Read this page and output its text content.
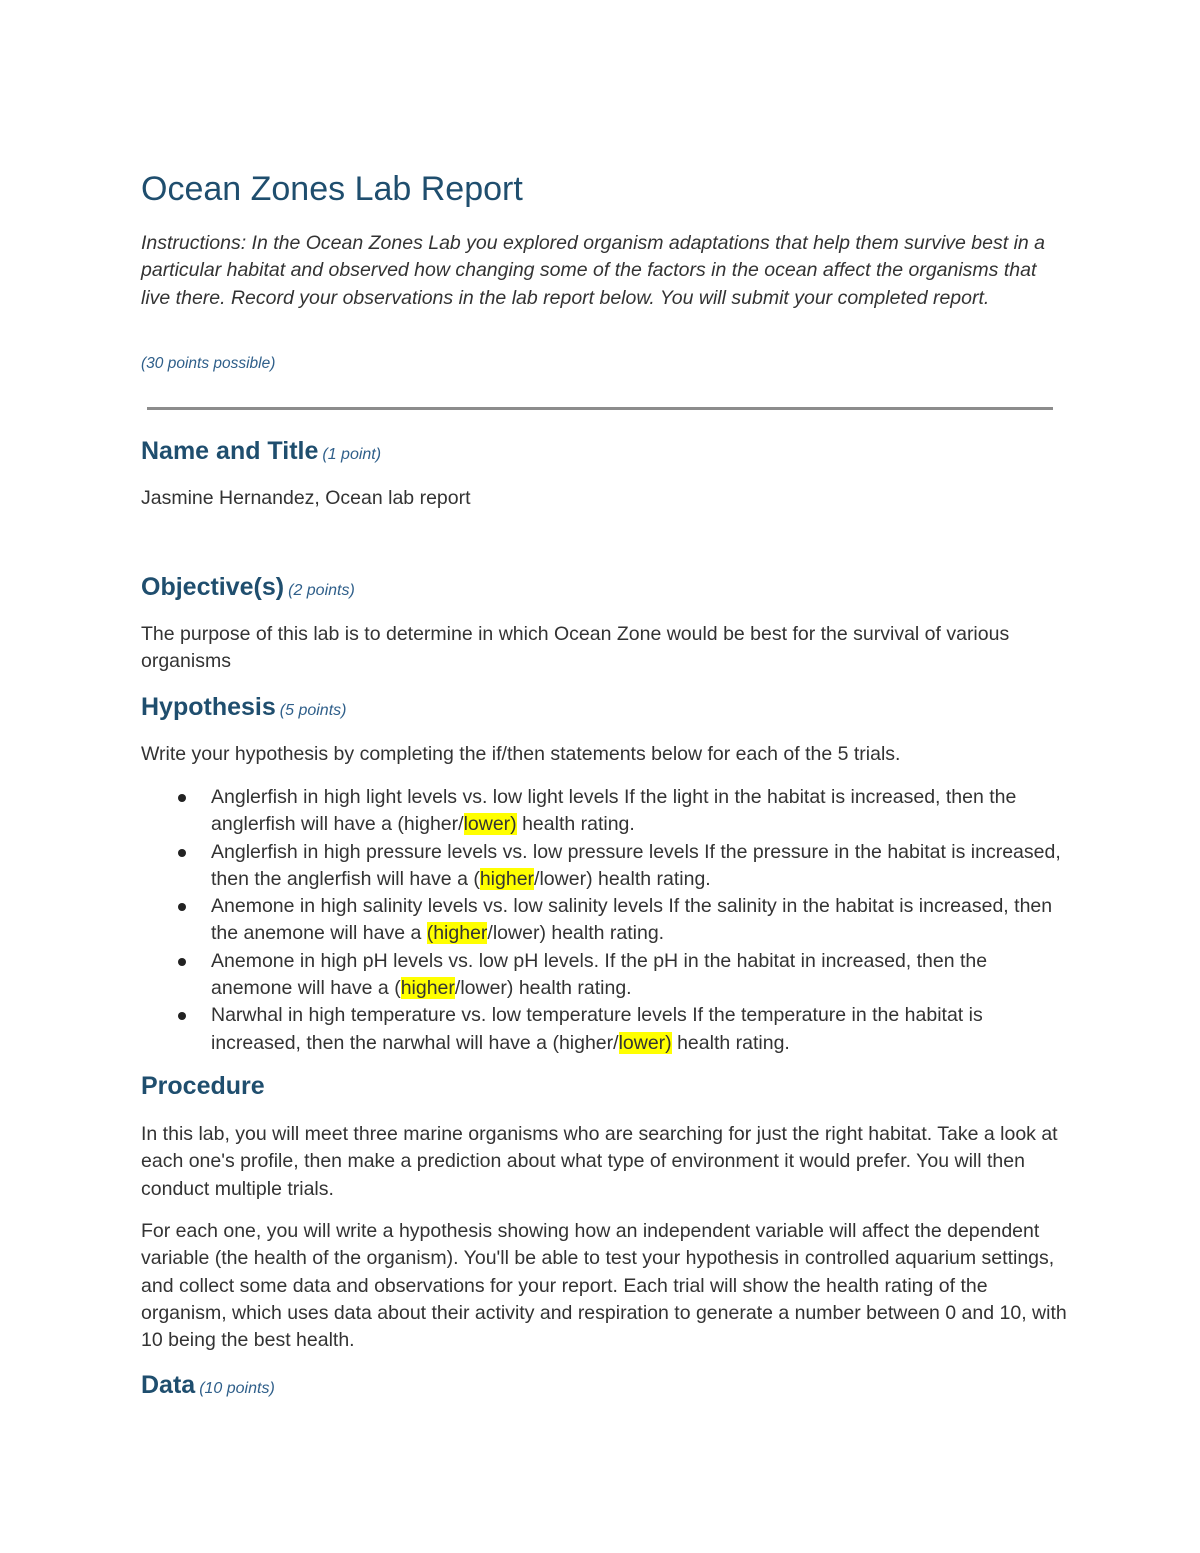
Ocean Zones Lab Report

Instructions: In the Ocean Zones Lab you explored organism adaptations that help them survive best in a particular habitat and observed how changing some of the factors in the ocean affect the organisms that live there. Record your observations in the lab report below. You will submit your completed report.

(30 points possible)

Name and Title (1 point)

Jasmine Hernandez, Ocean lab report

Objective(s) (2 points)

The purpose of this lab is to determine in which Ocean Zone would be best for the survival of various organisms

Hypothesis (5 points)

Write your hypothesis by completing the if/then statements below for each of the 5 trials.

Anglerfish in high light levels vs. low light levels If the light in the habitat is increased, then the anglerfish will have a (higher/lower) health rating.
Anglerfish in high pressure levels vs. low pressure levels If the pressure in the habitat is increased, then the anglerfish will have a (higher/lower) health rating.
Anemone in high salinity levels vs. low salinity levels If the salinity in the habitat is increased, then the anemone will have a (higher/lower) health rating.
Anemone in high pH levels vs. low pH levels. If the pH in the habitat in increased, then the anemone will have a (higher/lower) health rating.
Narwhal in high temperature vs. low temperature levels If the temperature in the habitat is increased, then the narwhal will have a (higher/lower) health rating.
Procedure

In this lab, you will meet three marine organisms who are searching for just the right habitat. Take a look at each one's profile, then make a prediction about what type of environment it would prefer. You will then conduct multiple trials.

For each one, you will write a hypothesis showing how an independent variable will affect the dependent variable (the health of the organism). You'll be able to test your hypothesis in controlled aquarium settings, and collect some data and observations for your report. Each trial will show the health rating of the organism, which uses data about their activity and respiration to generate a number between 0 and 10, with 10 being the best health.

Data (10 points)
